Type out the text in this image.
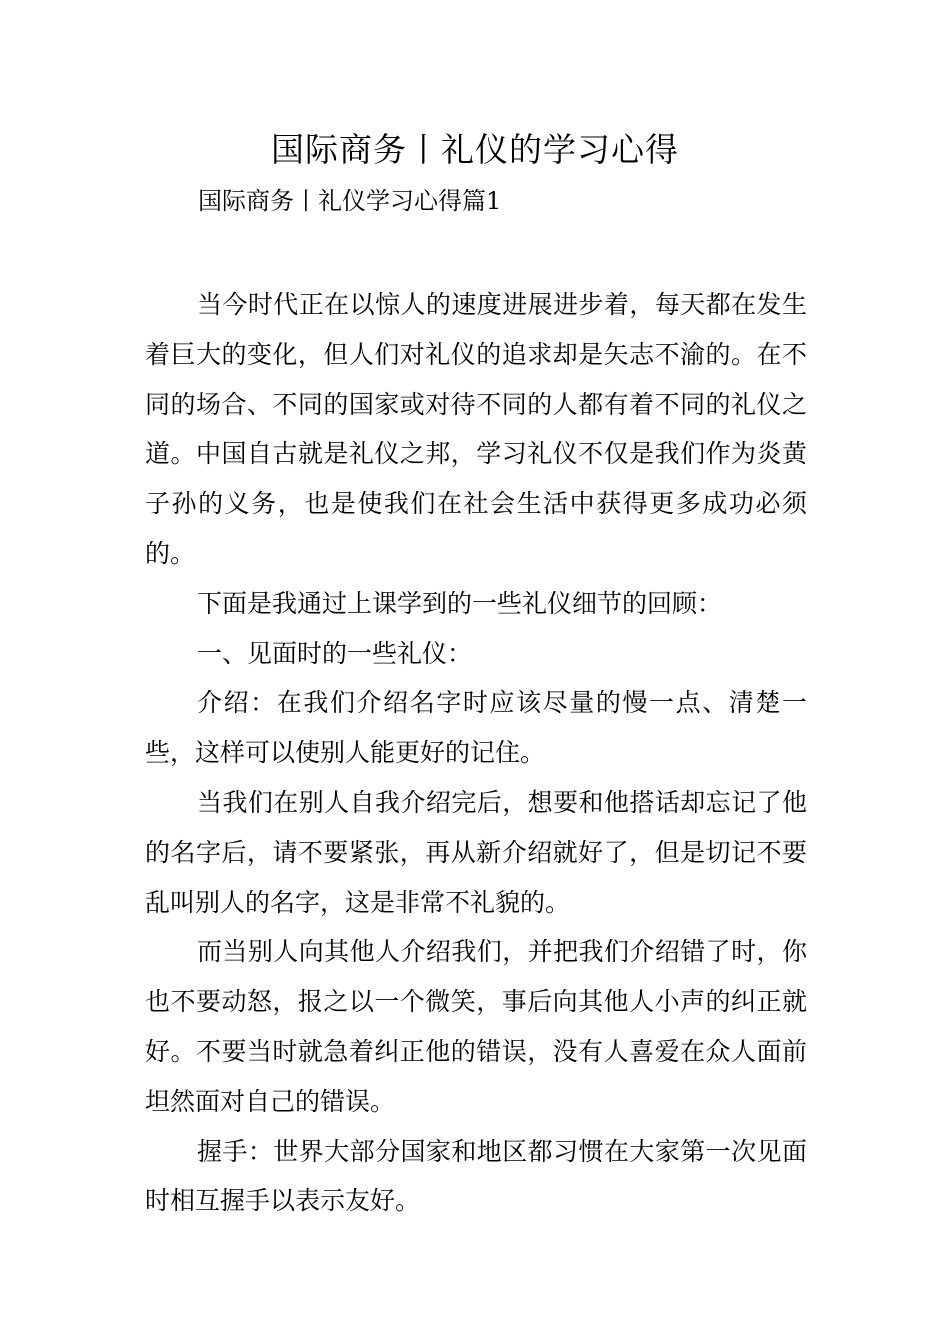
国际商务丨礼仪的学习心得
国际商务丨礼仪学习心得篇1

当今时代正在以惊人的速度进展进步着，每天都在发生着巨大的变化，但人们对礼仪的追求却是矢志不渝的。在不同的场合、不同的国家或对待不同的人都有着不同的礼仪之道。中国自古就是礼仪之邦，学习礼仪不仅是我们作为炎黄子孙的义务，也是使我们在社会生活中获得更多成功必须的。

下面是我通过上课学到的一些礼仪细节的回顾：

一、见面时的一些礼仪：

介绍：在我们介绍名字时应该尽量的慢一点、清楚一些，这样可以使别人能更好的记住。

当我们在别人自我介绍完后，想要和他搭话却忘记了他的名字后，请不要紧张，再从新介绍就好了，但是切记不要乱叫别人的名字，这是非常不礼貌的。

而当别人向其他人介绍我们，并把我们介绍错了时，你也不要动怒，报之以一个微笑，事后向其他人小声的纠正就好。不要当时就急着纠正他的错误，没有人喜爱在众人面前坦然面对自己的错误。

握手：世界大部分国家和地区都习惯在大家第一次见面时相互握手以表示友好。
